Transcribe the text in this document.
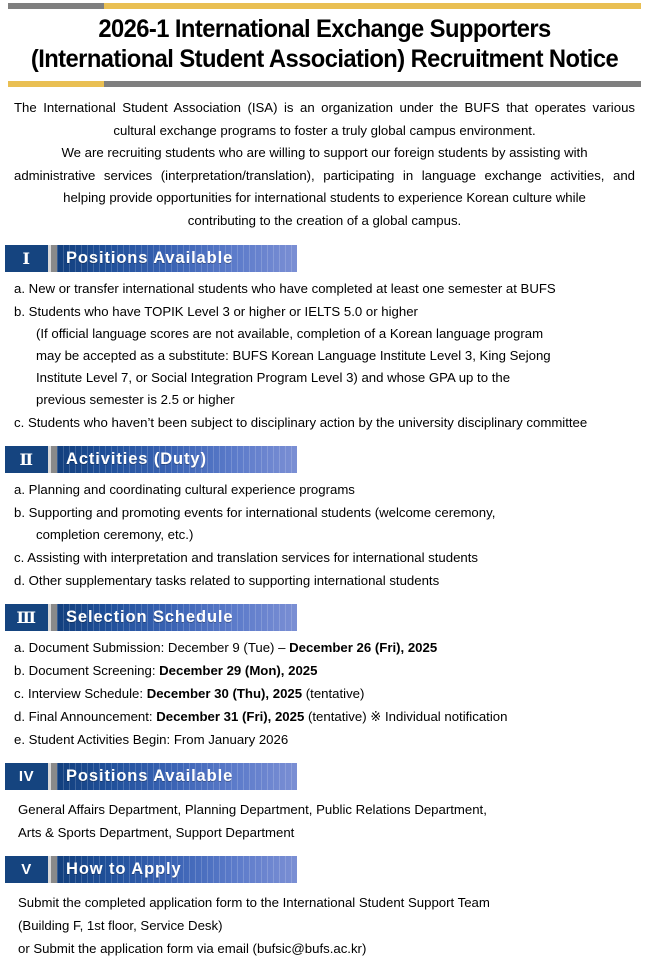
2026-1 International Exchange Supporters
(International Student Association) Recruitment Notice
The International Student Association (ISA) is an organization under the BUFS that operates various
cultural exchange programs to foster a truly global campus environment.
We are recruiting students who are willing to support our foreign students by assisting with
administrative services (interpretation/translation), participating in language exchange activities, and
helping provide opportunities for international students to experience Korean culture while
contributing to the creation of a global campus.
Ⅰ	Positions Available
a. New or transfer international students who have completed at least one semester at BUFS
b. Students who have TOPIK Level 3 or higher or IELTS 5.0 or higher
(If official language scores are not available, completion of a Korean language program
may be accepted as a substitute: BUFS Korean Language Institute Level 3, King Sejong
Institute Level 7, or Social Integration Program Level 3) and whose GPA up to the
previous semester is 2.5 or higher
c. Students who haven’t been subject to disciplinary action by the university disciplinary committee
Ⅱ	Activities (Duty)
a. Planning and coordinating cultural experience programs
b. Supporting and promoting events for international students (welcome ceremony,
completion ceremony, etc.)
c. Assisting with interpretation and translation services for international students
d. Other supplementary tasks related to supporting international students
Ⅲ	Selection Schedule
a. Document Submission: December 9 (Tue) – December 26 (Fri), 2025
b. Document Screening: December 29 (Mon), 2025
c. Interview Schedule: December 30 (Thu), 2025 (tentative)
d. Final Announcement: December 31 (Fri), 2025 (tentative) ※ Individual notification
e. Student Activities Begin: From January 2026
IV	Positions Available
General Affairs Department, Planning Department, Public Relations Department,
Arts & Sports Department, Support Department
V	How to Apply
Submit the completed application form to the International Student Support Team
(Building F, 1st floor, Service Desk)
or Submit the application form via email (bufsic@bufs.ac.kr)
